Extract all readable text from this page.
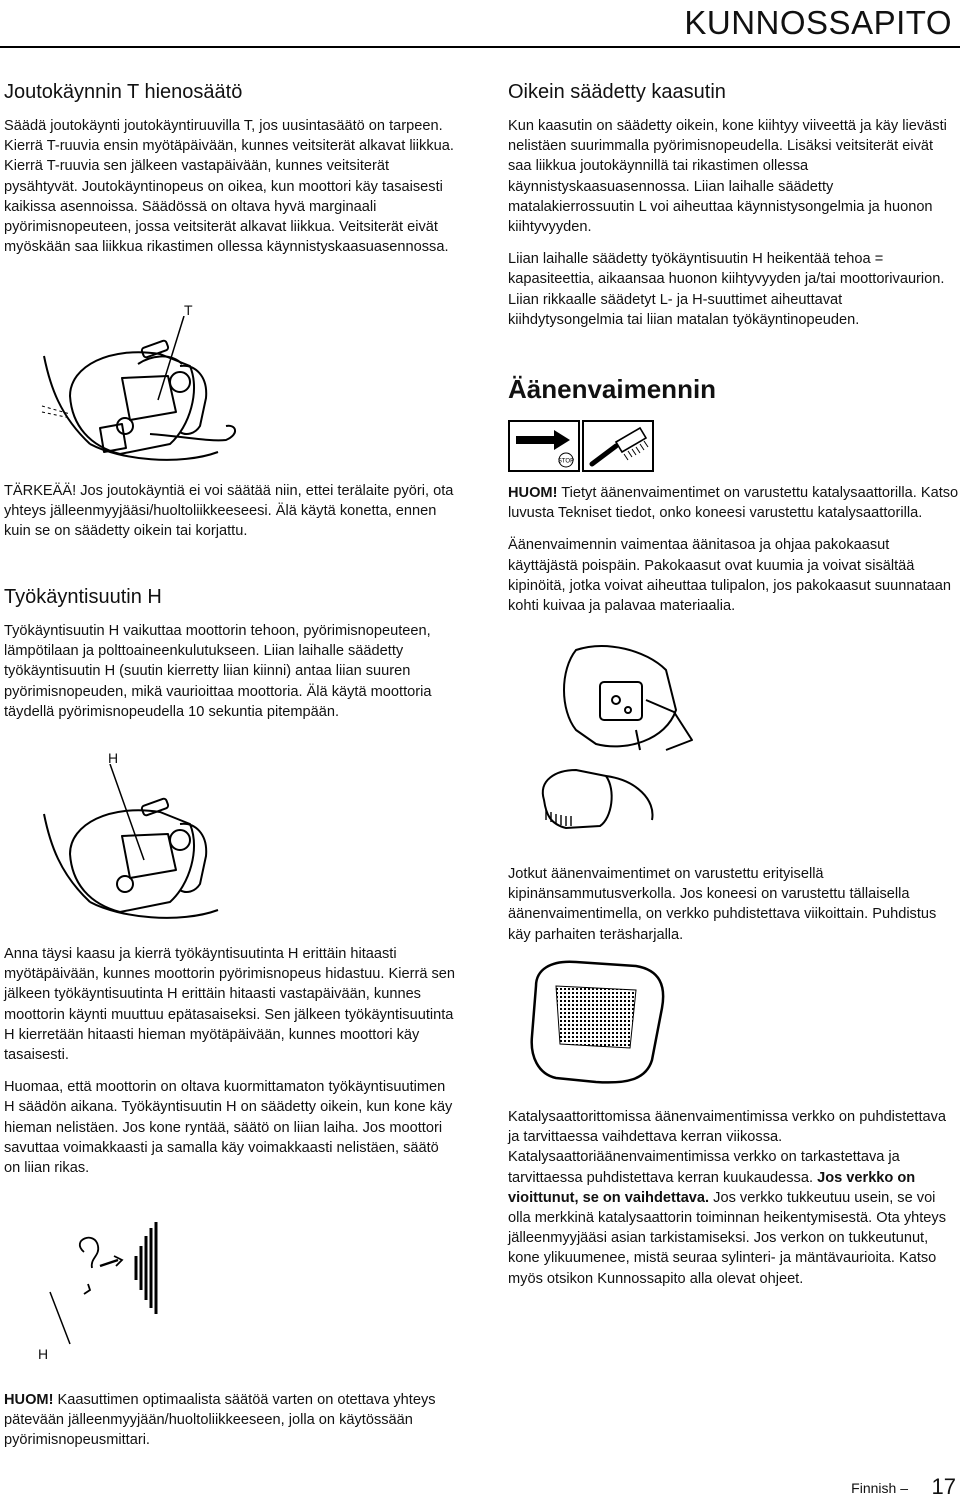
KUNNOSSAPITO
Joutokäynnin T hienosäätö

Säädä joutokäynti joutokäyntiruuvilla T, jos uusintasäätö on tarpeen. Kierrä T-ruuvia ensin myötäpäivään, kunnes veitsiterät alkavat liikkua. Kierrä T-ruuvia sen jälkeen vastapäivään, kunnes veitsiterät pysähtyvät. Joutokäyntinopeus on oikea, kun moottori käy tasaisesti kaikissa asennoissa. Säädössä on oltava hyvä marginaali pyörimisnopeuteen, jossa veitsiterät alkavat liikkua. Veitsiterät eivät myöskään saa liikkua rikastimen ollessa käynnistyskaasuasennossa.

T

TÄRKEÄÄ! Jos joutokäyntiä ei voi säätää niin, ettei terälaite pyöri, ota yhteys jälleenmyyjääsi/huoltoliikkeeseesi. Älä käytä konetta, ennen kuin se on säädetty oikein tai korjattu.

Työkäyntisuutin H

Työkäyntisuutin H vaikuttaa moottorin tehoon, pyörimisnopeuteen, lämpötilaan ja polttoaineenkulutukseen. Liian laihalle säädetty työkäyntisuutin H (suutin kierretty liian kiinni) antaa liian suuren pyörimisnopeuden, mikä vaurioittaa moottoria. Älä käytä moottoria täydellä pyörimisnopeudella 10 sekuntia pitempään.

H

Anna täysi kaasu ja kierrä työkäyntisuutinta H erittäin hitaasti myötäpäivään, kunnes moottorin pyörimisnopeus hidastuu. Kierrä sen jälkeen työkäyntisuutinta H erittäin hitaasti vastapäivään, kunnes moottorin käynti muuttuu epätasaiseksi. Sen jälkeen työkäyntisuutinta H kierretään hitaasti hieman myötäpäivään, kunnes moottori käy tasaisesti.

Huomaa, että moottorin on oltava kuormittamaton työkäyntisuutimen H säädön aikana. Työkäyntisuutin H on säädetty oikein, kun kone käy hieman nelistäen. Jos kone ryntää, säätö on liian laiha. Jos moottori savuttaa voimakkaasti ja samalla käy voimakkaasti nelistäen, säätö on liian rikas.

H

HUOM! Kaasuttimen optimaalista säätöä varten on otettava yhteys pätevään jälleenmyyjään/huoltoliikkeeseen, jolla on käytössään pyörimisnopeusmittari.

Oikein säädetty kaasutin

Kun kaasutin on säädetty oikein, kone kiihtyy viiveettä ja käy lievästi nelistäen suurimmalla pyörimisnopeudella. Lisäksi veitsiterät eivät saa liikkua joutokäynnillä tai rikastimen ollessa käynnistyskaasuasennossa. Liian laihalle säädetty matalakierrossuutin L voi aiheuttaa käynnistysongelmia ja huonon kiihtyvyyden.

Liian laihalle säädetty työkäyntisuutin H heikentää tehoa = kapasiteettia, aikaansaa huonon kiihtyvyyden ja/tai moottorivaurion. Liian rikkaalle säädetyt L- ja H-suuttimet aiheuttavat kiihdytysongelmia tai liian matalan työkäyntinopeuden.

Äänenvaimennin
STOP

HUOM! Tietyt äänenvaimentimet on varustettu katalysaattorilla. Katso luvusta Tekniset tiedot, onko koneesi varustettu katalysaattorilla.

Äänenvaimennin vaimentaa äänitasoa ja ohjaa pakokaasut käyttäjästä poispäin. Pakokaasut ovat kuumia ja voivat sisältää kipinöitä, jotka voivat aiheuttaa tulipalon, jos pakokaasut suunnataan kohti kuivaa ja palavaa materiaalia.

Jotkut äänenvaimentimet on varustettu erityisellä kipinänsammutusverkolla. Jos koneesi on varustettu tällaisella äänenvaimentimella, on verkko puhdistettava viikoittain. Puhdistus käy parhaiten teräsharjalla.

Katalysaattorittomissa äänenvaimentimissa verkko on puhdistettava ja tarvittaessa vaihdettava kerran viikossa. Katalysaattoriäänenvaimentimissa verkko on tarkastettava ja tarvittaessa puhdistettava kerran kuukaudessa. Jos verkko on vioittunut, se on vaihdettava. Jos verkko tukkeutuu usein, se voi olla merkkinä katalysaattorin toiminnan heikentymisestä. Ota yhteys jälleenmyyjääsi asian tarkistamiseksi. Jos verkon on tukkeutunut, kone ylikuumenee, mistä seuraa sylinteri- ja mäntävaurioita. Katso myös otsikon Kunnossapito alla olevat ohjeet.

Finnish – 17
